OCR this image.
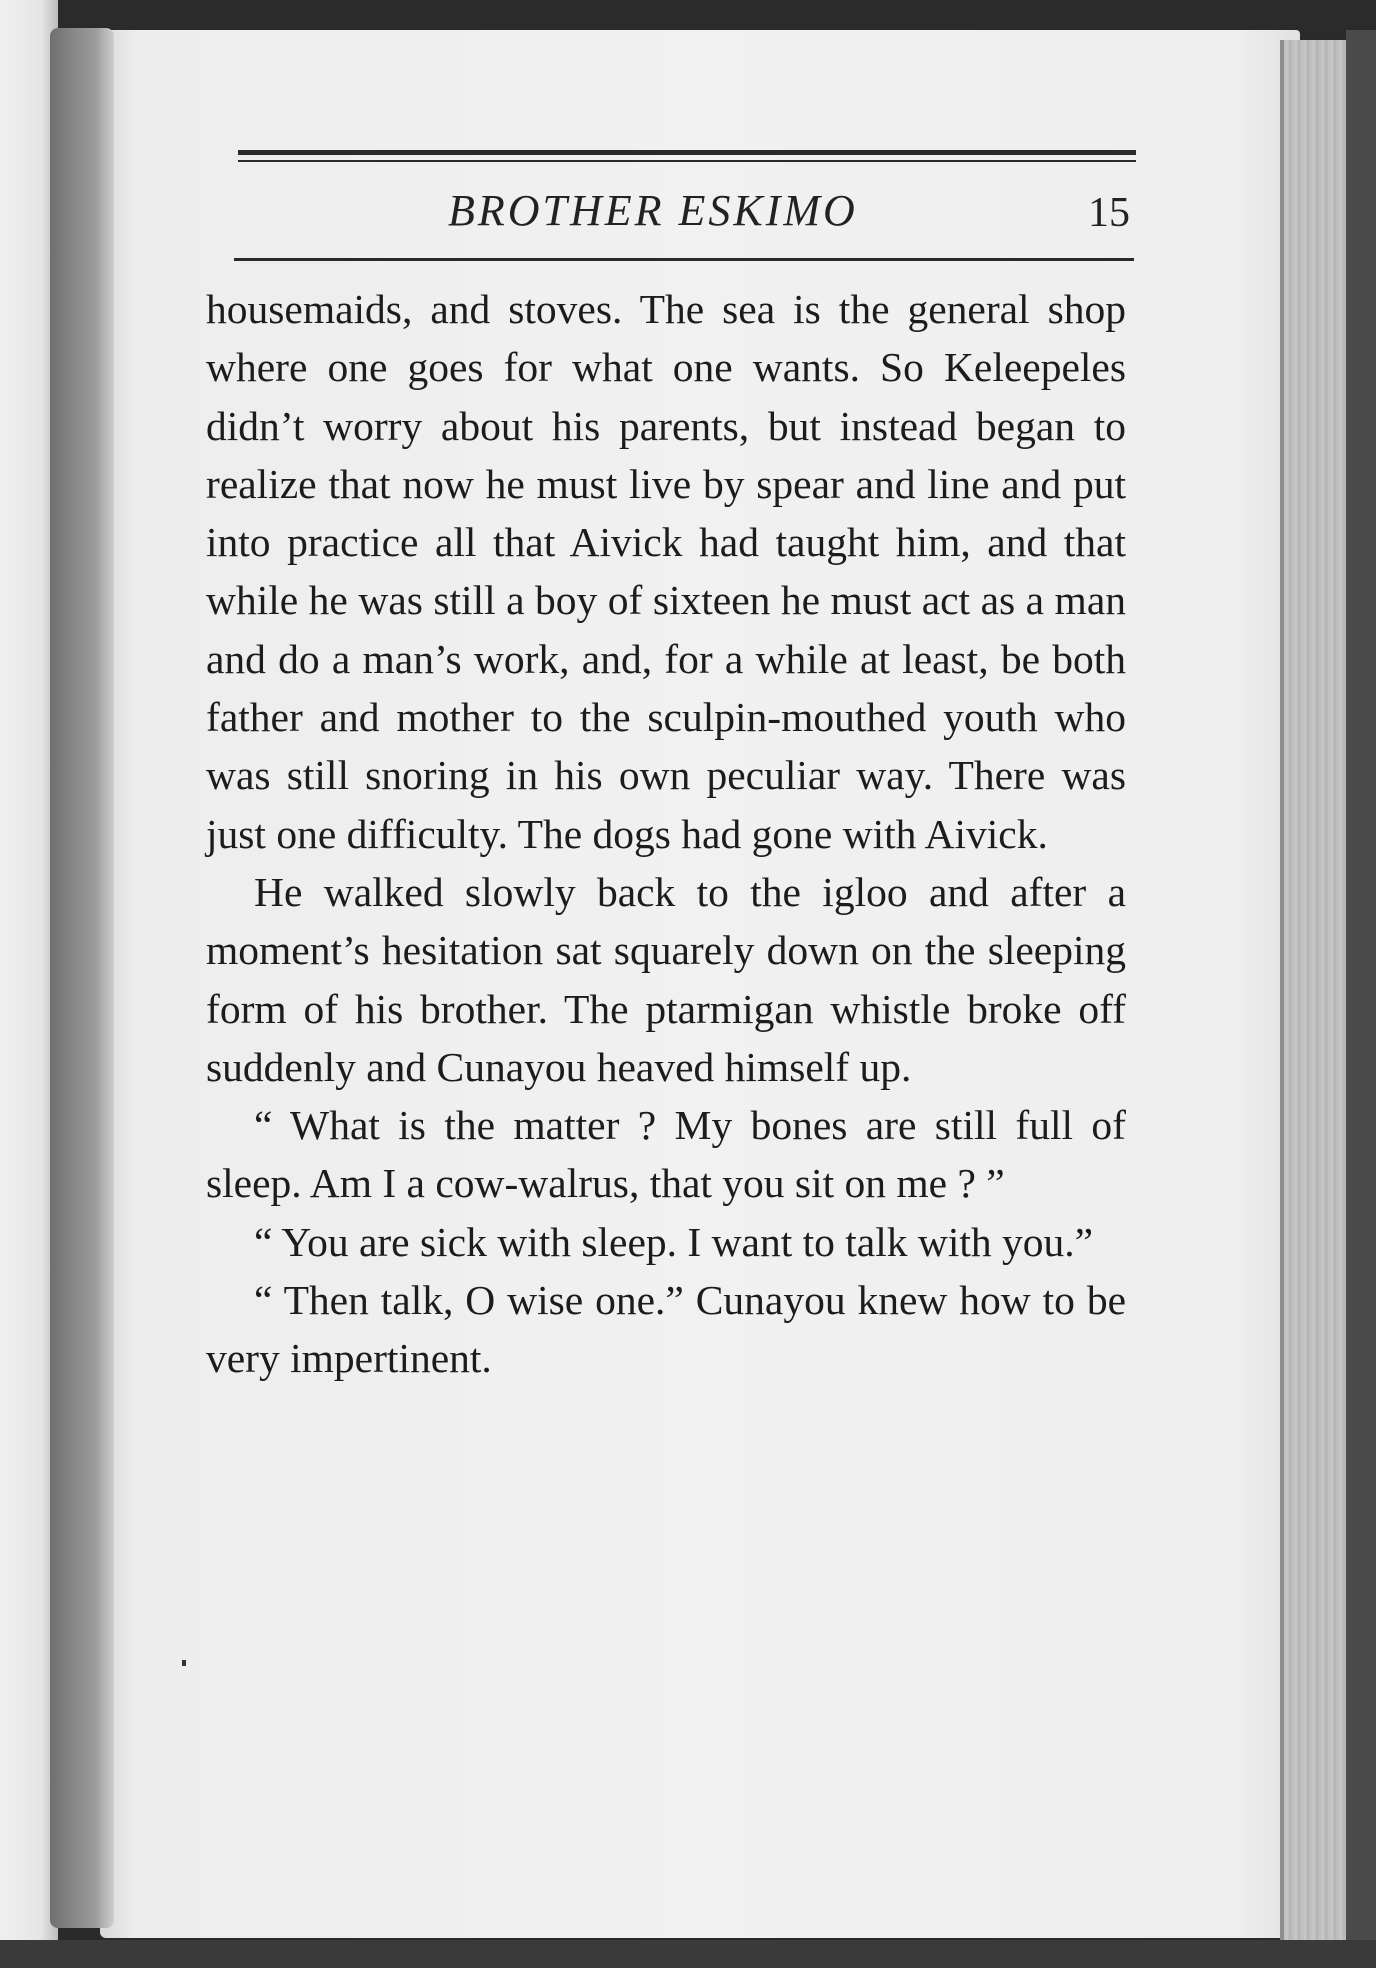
BROTHER ESKIMO	15

housemaids, and stoves. The sea is the general shop where one goes for what one wants. So Keleepeles didn’t worry about his parents, but instead began to realize that now he must live by spear and line and put into practice all that Aivick had taught him, and that while he was still a boy of sixteen he must act as a man and do a man’s work, and, for a while at least, be both father and mother to the sculpin-mouthed youth who was still snoring in his own peculiar way. There was just one difficulty. The dogs had gone with Aivick.

He walked slowly back to the igloo and after a moment’s hesitation sat squarely down on the sleeping form of his brother. The ptarmigan whistle broke off suddenly and Cunayou heaved himself up.

“ What is the matter ? My bones are still full of sleep. Am I a cow-walrus, that you sit on me ? ”

“ You are sick with sleep. I want to talk with you.”

“ Then talk, O wise one.” Cunayou knew how to be very impertinent.
